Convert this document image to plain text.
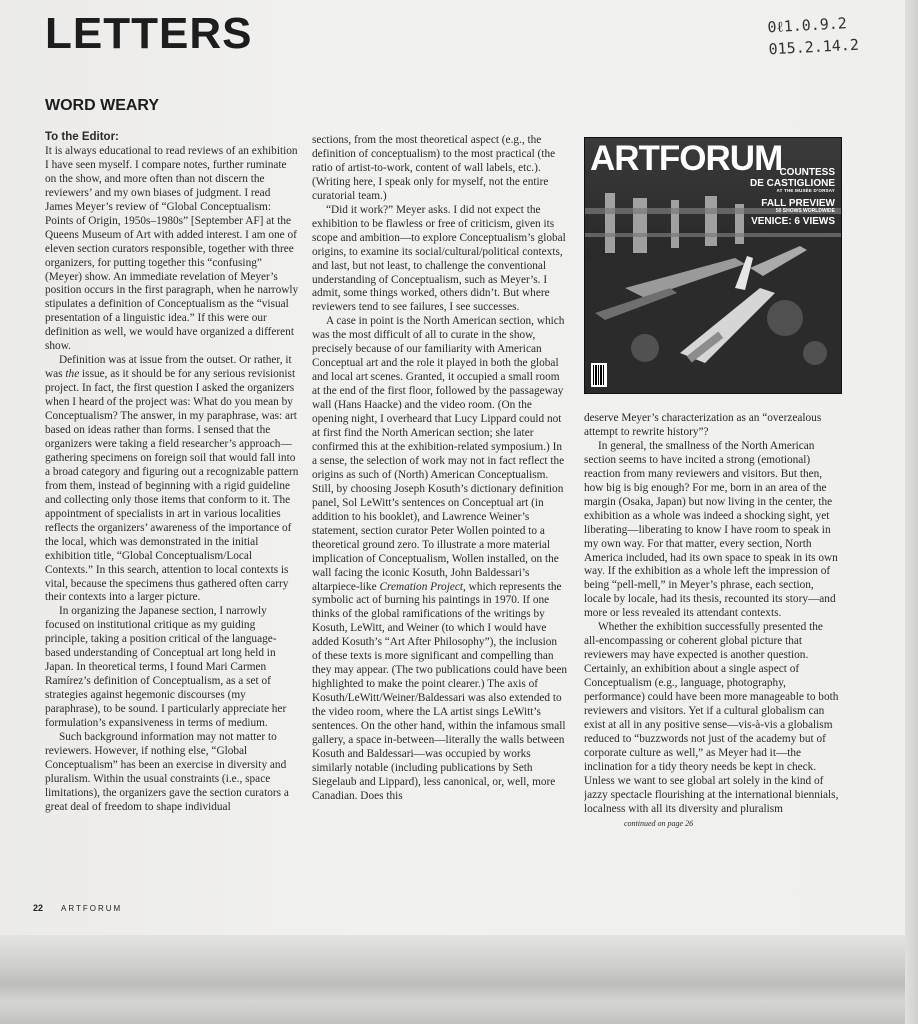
LETTERS	0ℓ1.0.9.2
015.2.14.2
WORD WEARY

To the Editor:

It is always educational to read reviews of an exhibition I have seen myself. I compare notes, further ruminate on the show, and more often than not discern the reviewers’ and my own biases of judgment. I read James Meyer’s review of “Global Conceptualism: Points of Origin, 1950s–1980s” [September AF] at the Queens Museum of Art with added interest. I am one of eleven section curators responsible, together with three organizers, for putting together this “confusing” (Meyer) show. An immediate revelation of Meyer’s position occurs in the first paragraph, when he narrowly stipulates a definition of Conceptualism as the “visual presentation of a linguistic idea.” If this were our definition as well, we would have organized a different show.

Definition was at issue from the outset. Or rather, it was the issue, as it should be for any serious revisionist project. In fact, the first question I asked the organizers when I heard of the project was: What do you mean by Conceptualism? The answer, in my paraphrase, was: art based on ideas rather than forms. I sensed that the organizers were taking a field researcher’s approach—gathering specimens on foreign soil that would fall into a broad category and figuring out a recognizable pattern from them, instead of beginning with a rigid guideline and collecting only those items that conform to it. The appointment of specialists in art in various localities reflects the organizers’ awareness of the importance of the local, which was demonstrated in the initial exhibition title, “Global Conceptualism/Local Contexts.” In this search, attention to local contexts is vital, because the specimens thus gathered often carry their contexts into a larger picture.

In organizing the Japanese section, I narrowly focused on institutional critique as my guiding principle, taking a position critical of the language-based understanding of Conceptual art long held in Japan. In theoretical terms, I found Mari Carmen Ramírez’s definition of Conceptualism, as a set of strategies against hegemonic discourses (my paraphrase), to be sound. I particularly appreciate her formulation’s expansiveness in terms of medium.

Such background information may not matter to reviewers. However, if nothing else, “Global Conceptualism” has been an exercise in diversity and pluralism. Within the usual constraints (i.e., space limitations), the organizers gave the section curators a great deal of freedom to shape individual

sections, from the most theoretical aspect (e.g., the definition of conceptualism) to the most practical (the ratio of artist-to-work, content of wall labels, etc.). (Writing here, I speak only for myself, not the entire curatorial team.)

“Did it work?” Meyer asks. I did not expect the exhibition to be flawless or free of criticism, given its scope and ambition—to explore Conceptualism’s global origins, to examine its social/cultural/political contexts, and last, but not least, to challenge the conventional understanding of Conceptualism, such as Meyer’s. I admit, some things worked, others didn’t. But where reviewers tend to see failures, I see successes.

A case in point is the North American section, which was the most difficult of all to curate in the show, precisely because of our familiarity with American Conceptual art and the role it played in both the global and local art scenes. Granted, it occupied a small room at the end of the first floor, followed by the passageway wall (Hans Haacke) and the video room. (On the opening night, I overheard that Lucy Lippard could not at first find the North American section; she later confirmed this at the exhibition-related symposium.) In a sense, the selection of work may not in fact reflect the origins as such of (North) American Conceptualism. Still, by choosing Joseph Kosuth’s dictionary definition panel, Sol LeWitt’s sentences on Conceptual art (in addition to his booklet), and Lawrence Weiner’s statement, section curator Peter Wollen pointed to a theoretical ground zero. To illustrate a more material implication of Conceptualism, Wollen installed, on the wall facing the iconic Kosuth, John Baldessari’s altarpiece-like Cremation Project, which represents the symbolic act of burning his paintings in 1970. If one thinks of the global ramifications of the writings by Kosuth, LeWitt, and Weiner (to which I would have added Kosuth’s “Art After Philosophy”), the inclusion of these texts is more significant and compelling than they may appear. (The two publications could have been highlighted to make the point clearer.) The axis of Kosuth/LeWitt/Weiner/Baldessari was also extended to the video room, where the LA artist sings LeWitt’s sentences. On the other hand, within the infamous small gallery, a space in-between—literally the walls between Kosuth and Baldessari—was occupied by works similarly notable (including publications by Seth Siegelaub and Lippard), less canonical, or, well, more Canadian. Does this

ARTFORUM
COUNTESS
DE CASTIGLIONE
AT THE MUSÉE D’ORSAY
FALL PREVIEW
50 SHOWS WORLDWIDE
VENICE: 6 VIEWS

deserve Meyer’s characterization as an “overzealous attempt to rewrite history”?

In general, the smallness of the North American section seems to have incited a strong (emotional) reaction from many reviewers and visitors. But then, how big is big enough? For me, born in an area of the margin (Osaka, Japan) but now living in the center, the exhibition as a whole was indeed a shocking sight, yet liberating—liberating to know I have room to speak in my own way. For that matter, every section, North America included, had its own space to speak in its own way. If the exhibition as a whole left the impression of being “pell-mell,” in Meyer’s phrase, each section, locale by locale, had its thesis, recounted its story—and more or less revealed its attendant contexts.

Whether the exhibition successfully presented the all-encompassing or coherent global picture that reviewers may have expected is another question. Certainly, an exhibition about a single aspect of Conceptualism (e.g., language, photography, performance) could have been more manageable to both reviewers and visitors. Yet if a cultural globalism can exist at all in any positive sense—vis-à-vis a globalism reduced to “buzzwords not just of the academy but of corporate culture as well,” as Meyer had it—the inclination for a tidy theory needs be kept in check. Unless we want to see global art solely in the kind of jazzy spectacle flourishing at the international biennials, localness with all its diversity and pluralism continued on page 26

22 ARTFORUM
